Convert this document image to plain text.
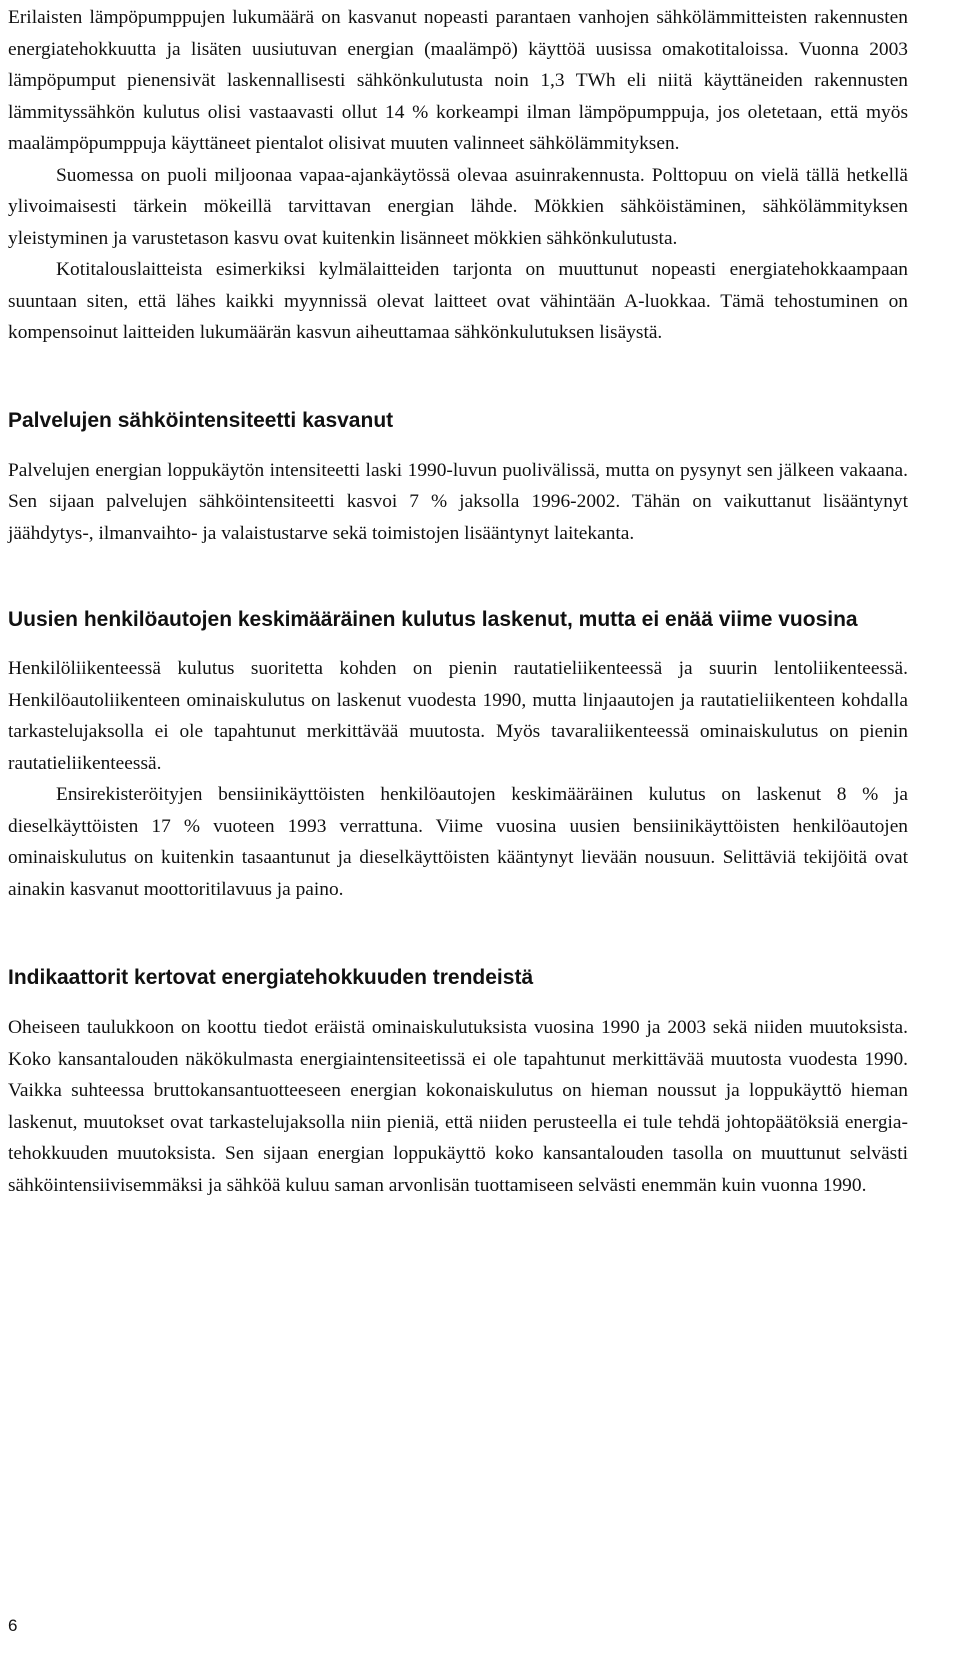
Erilaisten lämpöpumppujen lukumäärä on kasvanut nopeasti parantaen vanhojen sähkölämmitteisten rakennusten energiatehokkuutta ja lisäten uusiutuvan energian (maalämpö) käyttöä uusissa omakotitaloissa. Vuonna 2003 lämpöpumput pienensivät laskennallisesti sähkönkulutusta noin 1,3 TWh eli niitä käyttäneiden rakennusten lämmityssähkön kulutus olisi vastaavasti ollut 14 % korkeampi ilman lämpöpumppuja, jos oletetaan, että myös maalämpöpumppuja käyttäneet pientalot olisivat muuten valinneet sähkölämmityksen.

Suomessa on puoli miljoonaa vapaa-ajankäytössä olevaa asuinrakennusta. Polttopuu on vielä tällä hetkellä ylivoimaisesti tärkein mökeillä tarvittavan energian lähde. Mökkien sähköistäminen, sähkölämmityksen yleistyminen ja varustetason kasvu ovat kuitenkin lisänneet mökkien sähkönkulutusta.

Kotitalouslaitteista esimerkiksi kylmälaitteiden tarjonta on muuttunut nopeasti energiatehokkaampaan suuntaan siten, että lähes kaikki myynnissä olevat laitteet ovat vähintään A-luokkaa. Tämä tehostuminen on kompensoinut laitteiden lukumäärän kasvun aiheuttamaa sähkönkulutuksen lisäystä.

Palvelujen sähköintensiteetti kasvanut

Palvelujen energian loppukäytön intensiteetti laski 1990-luvun puolivälissä, mutta on pysynyt sen jälkeen vakaana. Sen sijaan palvelujen sähköintensiteetti kasvoi 7 % jaksolla 1996-2002. Tähän on vaikuttanut lisääntynyt jäähdytys-, ilmanvaihto- ja valaistustarve sekä toimistojen lisääntynyt laitekanta.

Uusien henkilöautojen keskimääräinen kulutus laskenut, mutta ei enää viime vuosina

Henkilöliikenteessä kulutus suoritetta kohden on pienin rautatieliikenteessä ja suurin lentoliikenteessä. Henkilöautoliikenteen ominaiskulutus on laskenut vuodesta 1990, mutta linjaautojen ja rautatieliikenteen kohdalla tarkastelujaksolla ei ole tapahtunut merkittävää muutosta. Myös tavaraliikenteessä ominaiskulutus on pienin rautatieliikenteessä.

Ensirekisteröityjen bensiinikäyttöisten henkilöautojen keskimääräinen kulutus on laskenut 8 % ja dieselkäyttöisten 17 % vuoteen 1993 verrattuna. Viime vuosina uusien bensiinikäyttöisten henkilöautojen ominaiskulutus on kuitenkin tasaantunut ja dieselkäyttöisten kääntynyt lievään nousuun. Selittäviä tekijöitä ovat ainakin kasvanut moottoritilavuus ja paino.

Indikaattorit kertovat energiatehokkuuden trendeistä

Oheiseen taulukkoon on koottu tiedot eräistä ominaiskulutuksista vuosina 1990 ja 2003 sekä niiden muutoksista. Koko kansantalouden näkökulmasta energiaintensiteetissä ei ole tapahtunut merkittävää muutosta vuodesta 1990. Vaikka suhteessa bruttokansantuotteeseen energian kokonaiskulutus on hieman noussut ja loppukäyttö hieman laskenut, muutokset ovat tarkastelujaksolla niin pieniä, että niiden perusteella ei tule tehdä johtopäätöksiä energiatehokkuuden muutoksista. Sen sijaan energian loppukäyttö koko kansantalouden tasolla on muuttunut selvästi sähköintensiivisemmäksi ja sähköä kuluu saman arvonlisän tuottamiseen selvästi enemmän kuin vuonna 1990.

6
